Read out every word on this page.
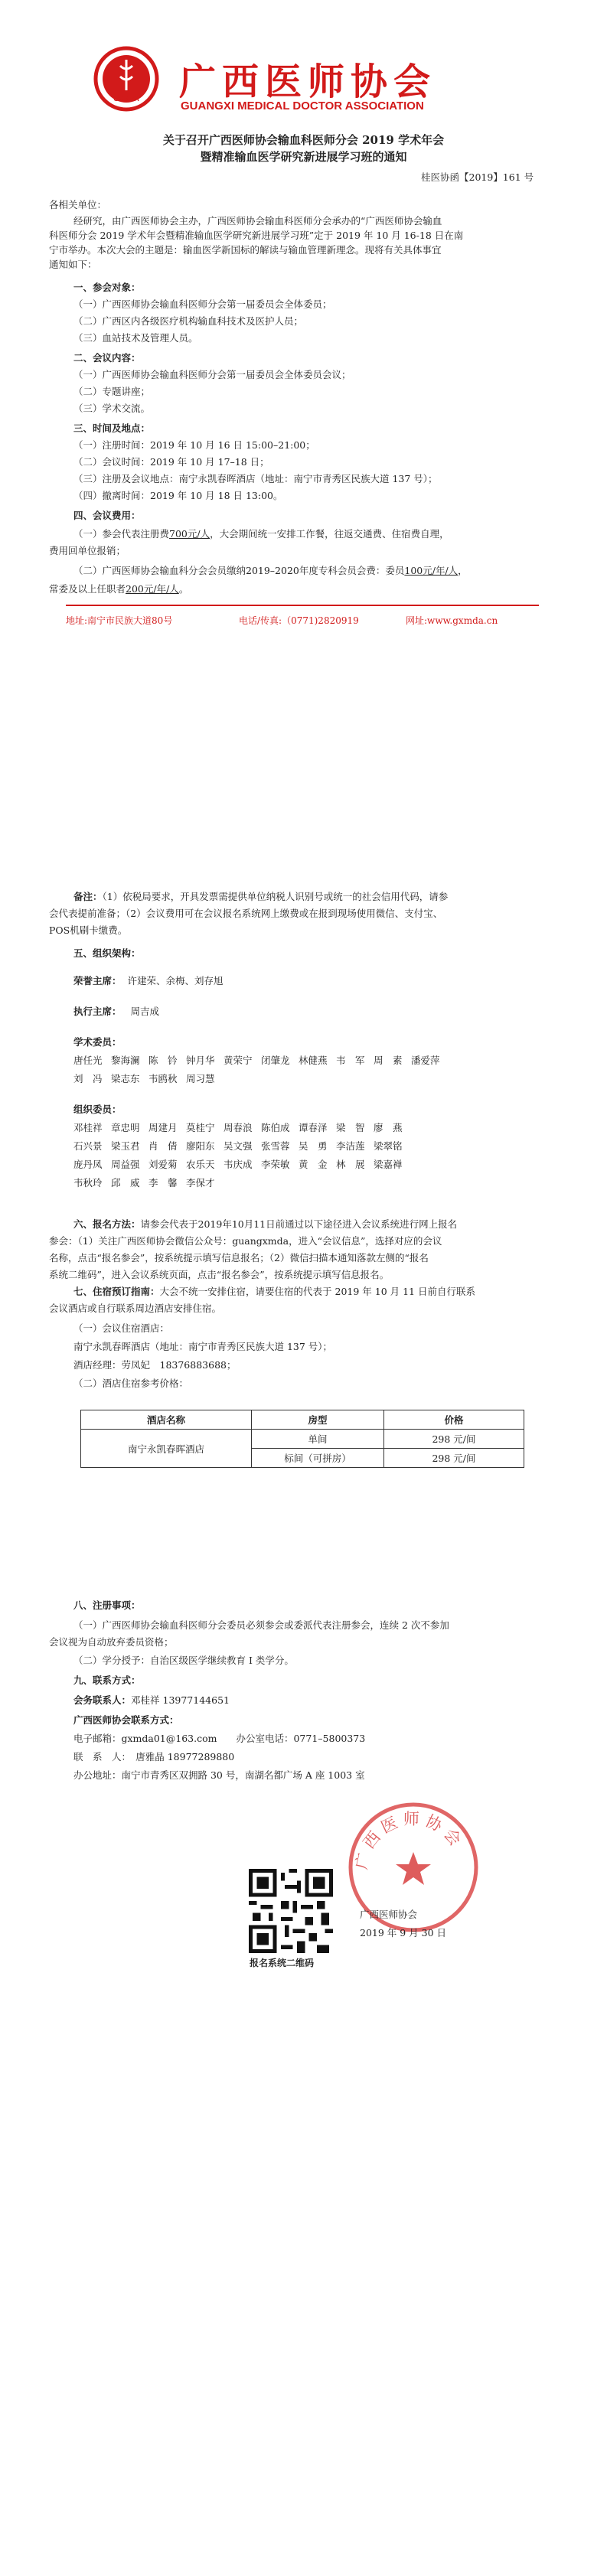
GXMDA 广西医师协会
GUANGXI MEDICAL DOCTOR ASSOCIATION
关于召开广西医师协会输血科医师分会 2019 学术年会
暨精准输血医学研究新进展学习班的通知
桂医协函【2019】161 号
各相关单位：
经研究，由广西医师协会主办，广西医师协会输血科医师分会承办的“广西医师协会输血
科医师分会 2019 学术年会暨精准输血医学研究新进展学习班”定于 2019 年 10 月 16-18 日在南
宁市举办。本次大会的主题是：输血医学新国标的解读与输血管理新理念。现将有关具体事宜
通知如下：
一、参会对象：
（一）广西医师协会输血科医师分会第一届委员会全体委员；
（二）广西区内各级医疗机构输血科技术及医护人员；
（三）血站技术及管理人员。
二、会议内容：
（一）广西医师协会输血科医师分会第一届委员会全体委员会议；
（二）专题讲座；
（三）学术交流。
三、时间及地点：
（一）注册时间：2019 年 10 月 16 日 15:00–21:00；
（二）会议时间：2019 年 10 月 17–18 日；
（三）注册及会议地点：南宁永凯春晖酒店（地址：南宁市青秀区民族大道 137 号）；
（四）撤离时间：2019 年 10 月 18 日 13:00。
四、会议费用：
（一）参会代表注册费700元/人，大会期间统一安排工作餐，往返交通费、住宿费自理，
费用回单位报销；
（二）广西医师协会输血科分会会员缴纳2019–2020年度专科会员会费：委员100元/年/人，
常委及以上任职者200元/年/人。
地址:南宁市民族大道80号	电话/传真:（0771)2820919	网址:www.gxmda.cn
备注：（1）依税局要求，开具发票需提供单位纳税人识别号或统一的社会信用代码，请参
会代表提前准备；（2）会议费用可在会议报名系统网上缴费或在报到现场使用微信、支付宝、
POS机刷卡缴费。
五、组织架构：
荣誉主席： 许建荣、余梅、刘存旭
执行主席： 周吉成
学术委员：
唐任光 黎海澜 陈　钤 钟月华 黄荣宁 闭肇龙 林健燕 韦　军 周　素 潘爱萍
刘　冯 梁志东 韦鸥秋 周习慧
组织委员：
邓桂祥 章忠明 周建月 莫桂宁 周春浪 陈伯成 谭春泽 梁　智 廖　燕
石兴景 梁玉君 肖　倩 廖阳东 吴文强 张雪蓉 吴　勇 李洁莲 梁翠铭
庞丹凤 周益强 刘爱菊 农乐天 韦庆成 李荣敏 黄　金 林　展 梁嘉禅
韦秋玲 邱　威 李　馨 李保才
六、报名方法：请参会代表于2019年10月11日前通过以下途径进入会议系统进行网上报名
参会：（1）关注广西医师协会微信公众号：guangxmda，进入“会议信息”，选择对应的会议
名称，点击“报名参会”，按系统提示填写信息报名；（2）微信扫描本通知落款左侧的“报名
系统二维码”，进入会议系统页面，点击“报名参会”，按系统提示填写信息报名。
七、住宿预订指南：大会不统一安排住宿，请要住宿的代表于 2019 年 10 月 11 日前自行联系
会议酒店或自行联系周边酒店安排住宿。
（一）会议住宿酒店：
南宁永凯春晖酒店（地址：南宁市青秀区民族大道 137 号）；
酒店经理：劳凤妃　18376883688；
（二）酒店住宿参考价格：
酒店名称	房型	价格
南宁永凯春晖酒店	单间	298 元/间
	标间（可拼房）	298 元/间
八、注册事项：
（一）广西医师协会输血科医师分会委员必须参会或委派代表注册参会，连续 2 次不参加
会议视为自动放弃委员资格；
（二）学分授予：自治区级医学继续教育 I 类学分。
九、联系方式：
会务联系人：邓桂祥 13977144651
广西医师协会联系方式：
电子邮箱：gxmda01@163.com　　办公室电话：0771–5800373
联　系　人：　唐雅晶 18977289880
办公地址：南宁市青秀区双拥路 30 号，南湖名都广场 A 座 1003 室
报名系统二维码
广西医师协会
广西医师协会
2019 年 9 月 30 日
